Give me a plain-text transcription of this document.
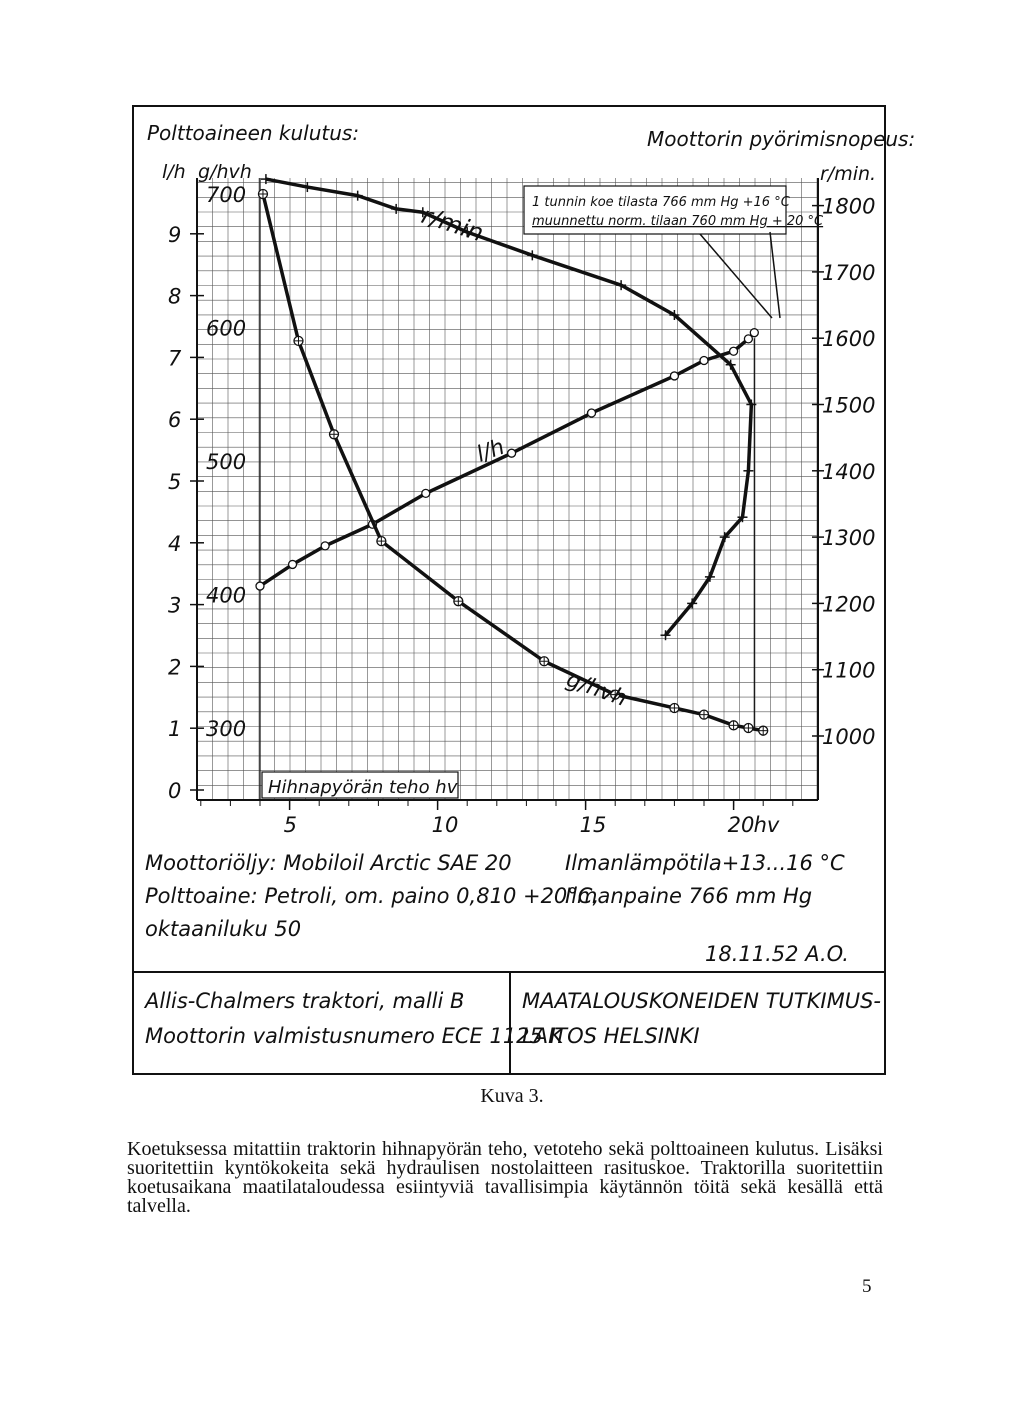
1 tunnin koe tilasta 766 mm Hg +16 °C
muunnettu norm. tilaan 760 mm Hg + 20 °C
Hihnapyörän teho hv
Polttoaineen kulutus:	Moottorin pyörimisnopeus:
l/h g/hvh	r/min.
0
1
2
3
4
5
6
7
8
9
300
400
500
600
700
1000
1100
1200
1300
1400
1500
1600
1700
1800
5	10	15	20 hv
r/min
l/h
g/hvh
Moottoriöljy: Mobiloil Arctic SAE 20
Polttoaine: Petroli, om. paino 0,810 +20°C,
oktaaniluku 50
Ilmanlämpötila+13...16 °C
Ilmanpaine 766 mm Hg
18.11.52 A.O.
Allis-Chalmers traktori, malli B
Moottorin valmistusnumero ECE 1125 K
MAATALOUSKONEIDEN TUTKIMUS-
LAITOS HELSINKI
Kuva 3.
Koetuksessa mitattiin traktorin hihnapyörän teho, vetoteho sekä polttoaineen kulutus. Lisäksi suoritettiin kyntökokeita sekä hydraulisen nostolaitteen rasituskoe. Traktorilla suoritettiin koetusaikana maatilataloudessa esiintyviä tavallisimpia käytännön töitä sekä kesällä että talvella.
5
